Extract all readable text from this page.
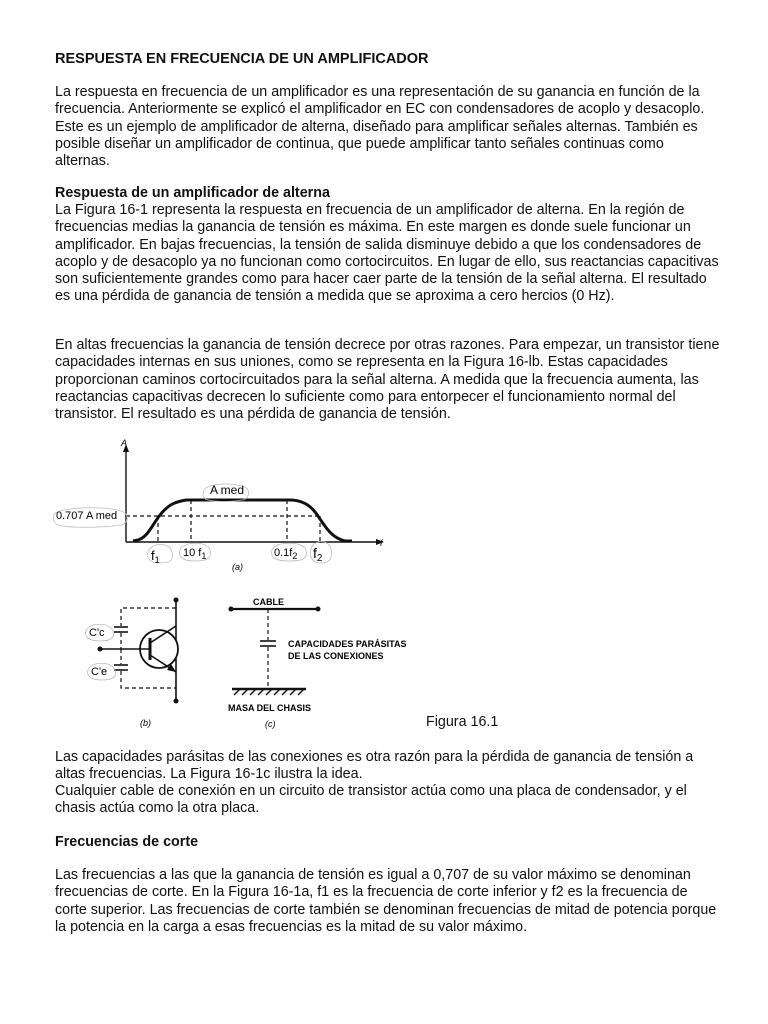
RESPUESTA EN FRECUENCIA DE UN AMPLIFICADOR

La respuesta en frecuencia de un amplificador es una representación de su ganancia en función de la frecuencia. Anteriormente se explicó el amplificador en EC con condensadores de acoplo y desacoplo. Este es un ejemplo de amplificador de alterna, diseñado para amplificar señales alternas. También es posible diseñar un amplificador de continua, que puede amplificar tanto señales continuas como alternas.

Respuesta de un amplificador de alterna

La Figura 16-1 representa la respuesta en frecuencia de un amplificador de alterna. En la región de frecuencias medias la ganancia de tensión es máxima. En este margen es donde suele funcionar un amplificador. En bajas frecuencias, la tensión de salida disminuye debido a que los condensadores de acoplo y de desacoplo ya no funcionan como cortocircuitos. En lugar de ello, sus reactancias capacitivas son suficientemente grandes como para hacer caer parte de la tensión de la señal alterna. El resultado es una pérdida de ganancia de tensión a medida que se aproxima a cero hercios (0 Hz).

En altas frecuencias la ganancia de tensión decrece por otras razones. Para empezar, un transistor tiene capacidades internas en sus uniones, como se representa en la Figura 16-lb. Estas capacidades proporcionan caminos cortocircuitados para la señal alterna. A medida que la frecuencia aumenta, las reactancias capacitivas decrecen lo suficiente como para entorpecer el funcionamiento normal del transistor. El resultado es una pérdida de ganancia de tensión.

A
f
A med
0.707 A med
$f_1$
10 $f_1$	$0.1f_2$ $f_2$
(a)
C'c
C'e
(b)
CABLE
CAPACIDADES PARÁSITAS
DE LAS CONEXIONES
MASA DEL CHASIS
(c)	Figura 16.1

Las capacidades parásitas de las conexiones es otra razón para la pérdida de ganancia de tensión a altas frecuencias. La Figura 16-1c ilustra la idea.

Cualquier cable de conexión en un circuito de transistor actúa como una placa de condensador, y el chasis actúa como la otra placa.

Frecuencias de corte

Las frecuencias a las que la ganancia de tensión es igual a 0,707 de su valor máximo se denominan frecuencias de corte. En la Figura 16-1a, f1 es la frecuencia de corte inferior y f2 es la frecuencia de corte superior. Las frecuencias de corte también se denominan frecuencias de mitad de potencia porque la potencia en la carga a esas frecuencias es la mitad de su valor máximo.
